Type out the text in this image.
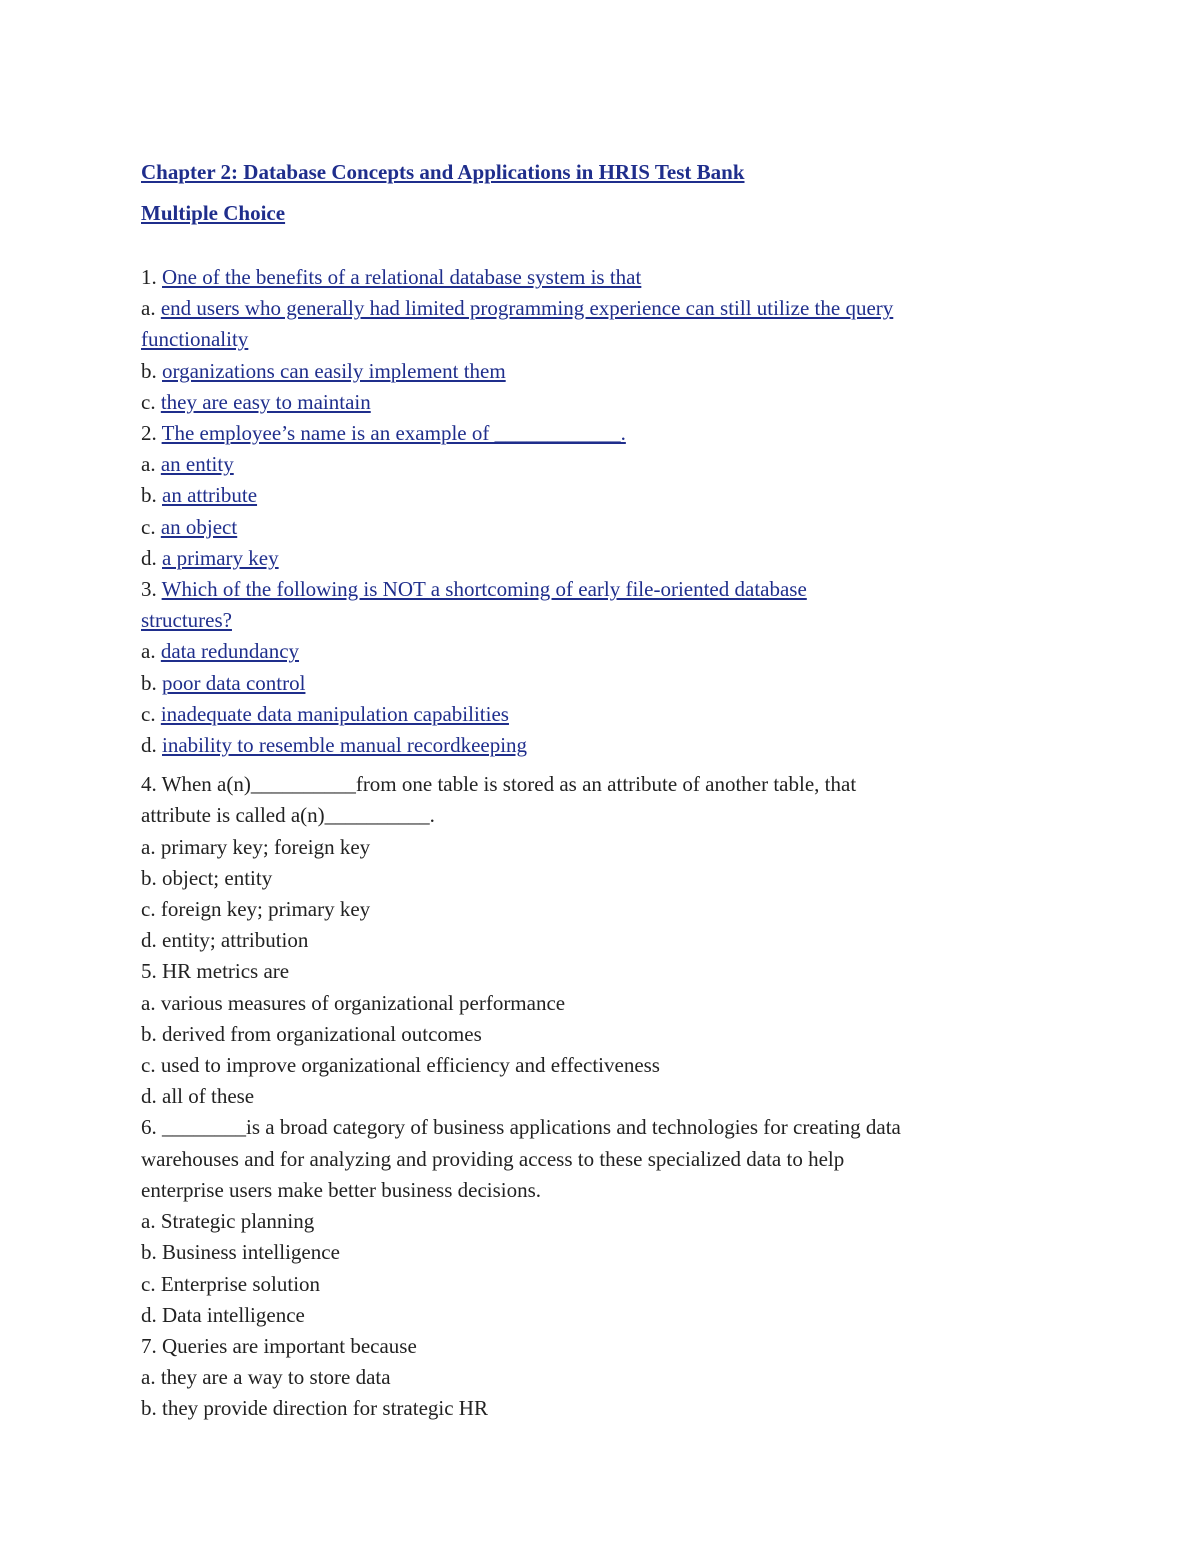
Chapter 2: Database Concepts and Applications in HRIS Test Bank
Multiple Choice
1. One of the benefits of a relational database system is that
a. end users who generally had limited programming experience can still utilize the query
functionality
b. organizations can easily implement them
c. they are easy to maintain
2. The employee’s name is an example of ____________.
a. an entity
b. an attribute
c. an object
d. a primary key
3. Which of the following is NOT a shortcoming of early file-oriented database
structures?
a. data redundancy
b. poor data control
c. inadequate data manipulation capabilities
d. inability to resemble manual recordkeeping
4. When a(n)__________from one table is stored as an attribute of another table, that
attribute is called a(n)__________.
a. primary key; foreign key
b. object; entity
c. foreign key; primary key
d. entity; attribution
5. HR metrics are
a. various measures of organizational performance
b. derived from organizational outcomes
c. used to improve organizational efficiency and effectiveness
d. all of these
6. ________is a broad category of business applications and technologies for creating data
warehouses and for analyzing and providing access to these specialized data to help
enterprise users make better business decisions.
a. Strategic planning
b. Business intelligence
c. Enterprise solution
d. Data intelligence
7. Queries are important because
a. they are a way to store data
b. they provide direction for strategic HR
